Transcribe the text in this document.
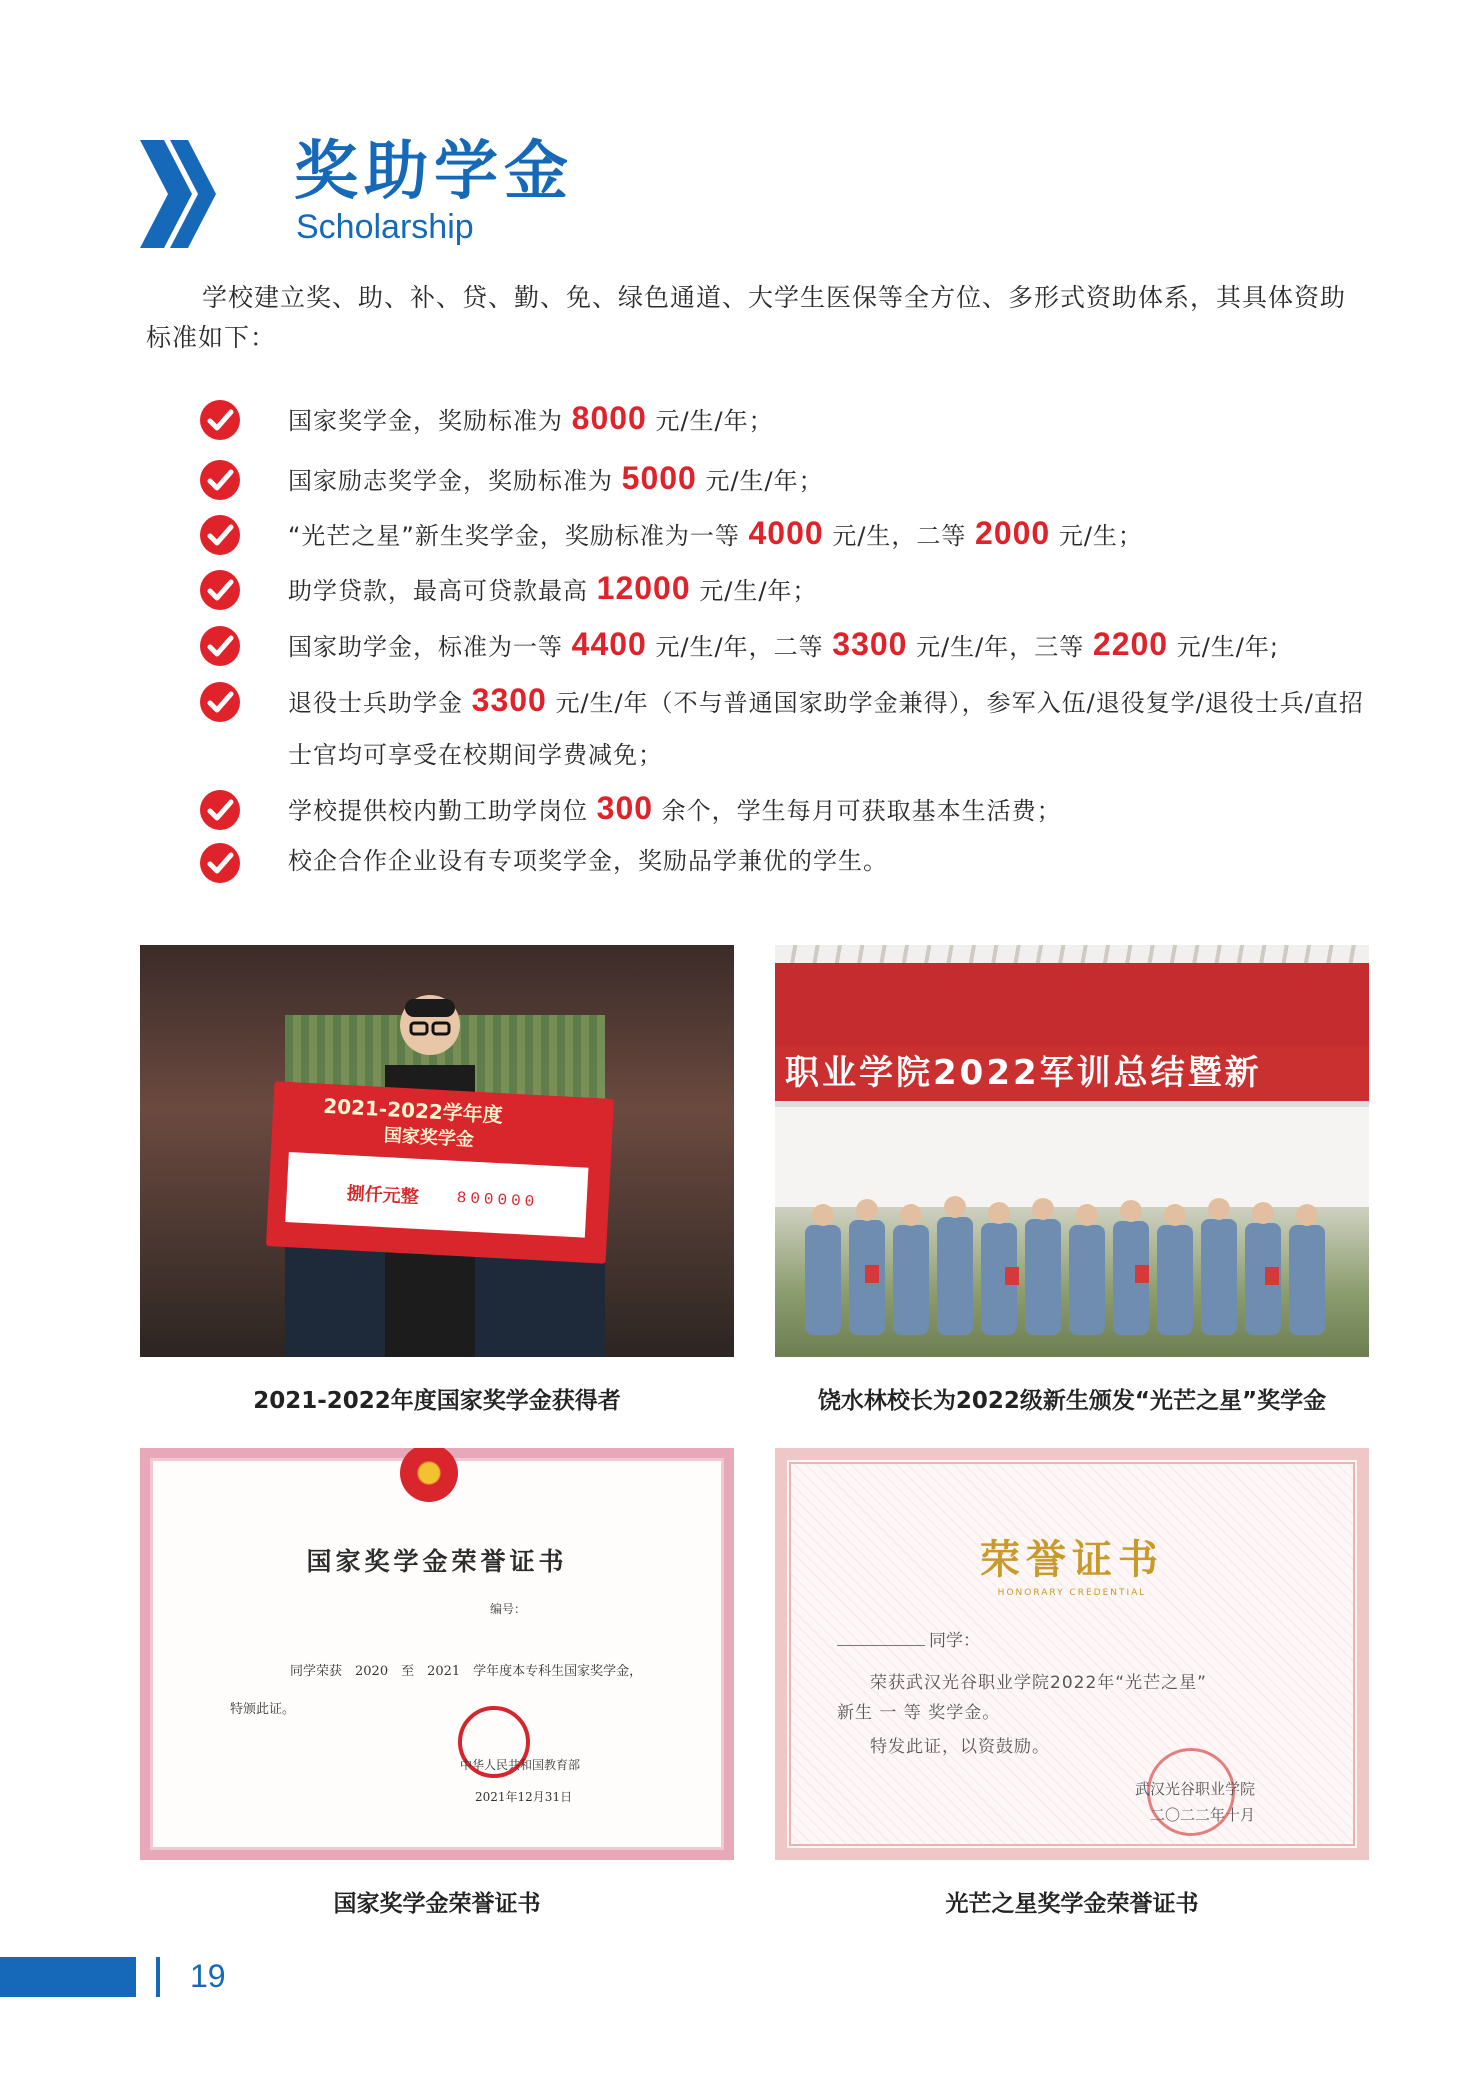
奖助学金
Scholarship

学校建立奖、助、补、贷、勤、免、绿色通道、大学生医保等全方位、多形式资助体系，其具体资助标准如下：

国家奖学金，奖励标准为 8000 元/生/年；
国家励志奖学金，奖励标准为 5000 元/生/年；
“光芒之星”新生奖学金，奖励标准为一等 4000 元/生，二等 2000 元/生；
助学贷款，最高可贷款最高 12000 元/生/年；
国家助学金，标准为一等 4400 元/生/年，二等 3300 元/生/年，三等 2200 元/生/年;
退役士兵助学金 3300 元/生/年（不与普通国家助学金兼得），参军入伍/退役复学/退役士兵/直招士官均可享受在校期间学费减免；
学校提供校内勤工助学岗位 300 余个，学生每月可获取基本生活费；
校企合作企业设有专项奖学金，奖励品学兼优的学生。
2021-2022学年度
国家奖学金
捌仟元整 800000
2021-2022年度国家奖学金获得者
职业学院2022军训总结暨新
饶水林校长为2022级新生颁发“光芒之星”奖学金
国家奖学金荣誉证书
编号：
同学荣获　2020　至　2021　学年度本专科生国家奖学金，
特颁此证。
中华人民共和国教育部
2021年12月31日
国家奖学金荣誉证书
荣誉证书
HONORARY CREDENTIAL
同学：
荣获武汉光谷职业学院2022年“光芒之星”
新生 一 等 奖学金。
特发此证，以资鼓励。
武汉光谷职业学院
二〇二二年十月
光芒之星奖学金荣誉证书
19
